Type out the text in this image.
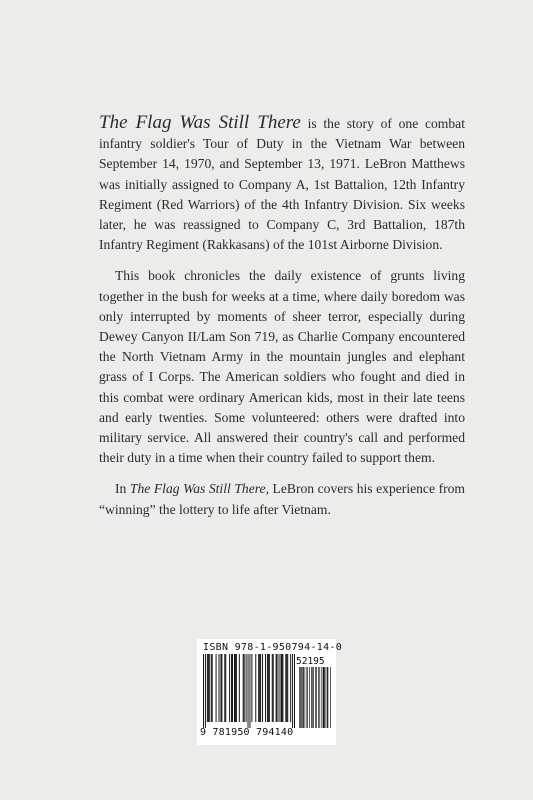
The Flag Was Still There is the story of one combat infantry soldier's Tour of Duty in the Vietnam War between September 14, 1970, and September 13, 1971. LeBron Matthews was initially assigned to Company A, 1st Battalion, 12th Infantry Regiment (Red Warriors) of the 4th Infantry Division. Six weeks later, he was reassigned to Company C, 3rd Battalion, 187th Infantry Regiment (Rakkasans) of the 101st Airborne Division.

This book chronicles the daily existence of grunts living together in the bush for weeks at a time, where daily boredom was only interrupted by moments of sheer terror, especially during Dewey Canyon II/Lam Son 719, as Charlie Company encountered the North Vietnam Army in the mountain jungles and elephant grass of I Corps. The American soldiers who fought and died in this combat were ordinary American kids, most in their late teens and early twenties. Some volunteered: others were drafted into military service. All answered their country's call and performed their duty in a time when their country failed to support them.

In The Flag Was Still There, LeBron covers his experience from “winning” the lottery to life after Vietnam.

ISBN 978-1-950794-14-0
52195
9 781950 794140
